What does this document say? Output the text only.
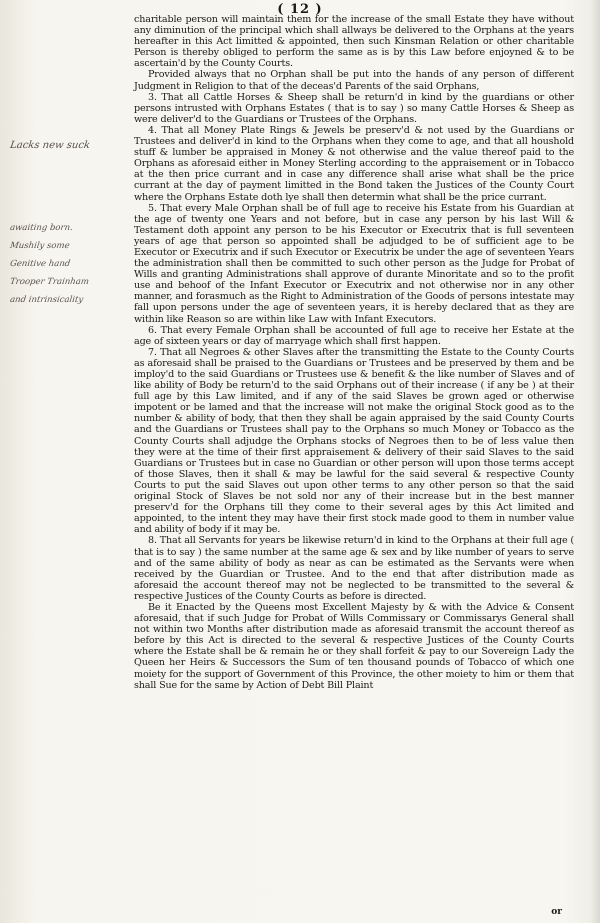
( 12 )
Lacks new suck
awaiting born.
Mushily some
Genitive hand
Trooper Trainham
and intrinsicality

charitable person will maintain them for the increase of the small Estate they have without any diminution of the principal which shall allways be delivered to the Orphans at the years hereafter in this Act limitted & appointed, then such Kinsman Relation or other charitable Person is thereby obliged to perform the same as is by this Law before enjoyned & to be ascertain'd by the County Courts.

Provided always that no Orphan shall be put into the hands of any person of different Judgment in Religion to that of the deceas'd Parents of the said Orphans,

3. That all Cattle Horses & Sheep shall be return'd in kind by the guardians or other persons intrusted with Orphans Estates ( that is to say ) so many Cattle Horses & Sheep as were deliver'd to the Guardians or Trustees of the Orphans.

4. That all Money Plate Rings & Jewels be preserv'd & not used by the Guardians or Trustees and deliver'd in kind to the Orphans when they come to age, and that all houshold stuff & lumber be appraised in Money & not otherwise and the value thereof paid to the Orphans as aforesaid either in Money Sterling according to the appraisement or in Tobacco at the then price currant and in case any difference shall arise what shall be the price currant at the day of payment limitted in the Bond taken the Justices of the County Court where the Orphans Estate doth lye shall then determin what shall be the price currant.

5. That every Male Orphan shall be of full age to receive his Estate from his Guardian at the age of twenty one Years and not before, but in case any person by his last Will & Testament doth appoint any person to be his Executor or Executrix that is full seventeen years of age that person so appointed shall be adjudged to be of sufficient age to be Executor or Executrix and if such Executor or Executrix be under the age of seventeen Years the administration shall then be committed to such other person as the Judge for Probat of Wills and granting Administrations shall approve of durante Minoritate and so to the profit use and behoof of the Infant Executor or Executrix and not otherwise nor in any other manner, and forasmuch as the Right to Administration of the Goods of persons intestate may fall upon persons under the age of seventeen years, it is hereby declared that as they are within like Reason so are within like Law with Infant Executors.

6. That every Female Orphan shall be accounted of full age to receive her Estate at the age of sixteen years or day of marryage which shall first happen.

7. That all Negroes & other Slaves after the transmitting the Estate to the County Courts as aforesaid shall be praised to the Guardians or Trustees and be preserved by them and be imploy'd to the said Guardians or Trustees use & benefit & the like number of Slaves and of like ability of Body be return'd to the said Orphans out of their increase ( if any be ) at their full age by this Law limited, and if any of the said Slaves be grown aged or otherwise impotent or be lamed and that the increase will not make the original Stock good as to the number & ability of body, that then they shall be again appraised by the said County Courts and the Guardians or Trustees shall pay to the Orphans so much Money or Tobacco as the County Courts shall adjudge the Orphans stocks of Negroes then to be of less value then they were at the time of their first appraisement & delivery of their said Slaves to the said Guardians or Trustees but in case no Guardian or other person will upon those terms accept of those Slaves, then it shall & may be lawful for the said several & respective County Courts to put the said Slaves out upon other terms to any other person so that the said original Stock of Slaves be not sold nor any of their increase but in the best manner preserv'd for the Orphans till they come to their several ages by this Act limited and appointed, to the intent they may have their first stock made good to them in number value and ability of body if it may be.

8. That all Servants for years be likewise return'd in kind to the Orphans at their full age ( that is to say ) the same number at the same age & sex and by like number of years to serve and of the same ability of body as near as can be estimated as the Servants were when received by the Guardian or Trustee. And to the end that after distribution made as aforesaid the account thereof may not be neglected to be transmitted to the several & respective Justices of the County Courts as before is directed.

Be it Enacted by the Queens most Excellent Majesty by & with the Advice & Consent aforesaid, that if such Judge for Probat of Wills Commissary or Commissarys General shall not within two Months after distribution made as aforesaid transmit the account thereof as before by this Act is directed to the several & respective Justices of the County Courts where the Estate shall be & remain he or they shall forfeit & pay to our Sovereign Lady the Queen her Heirs & Successors the Sum of ten thousand pounds of Tobacco of which one moiety for the support of Government of this Province, the other moiety to him or them that shall Sue for the same by Action of Debt Bill Plaint

or
